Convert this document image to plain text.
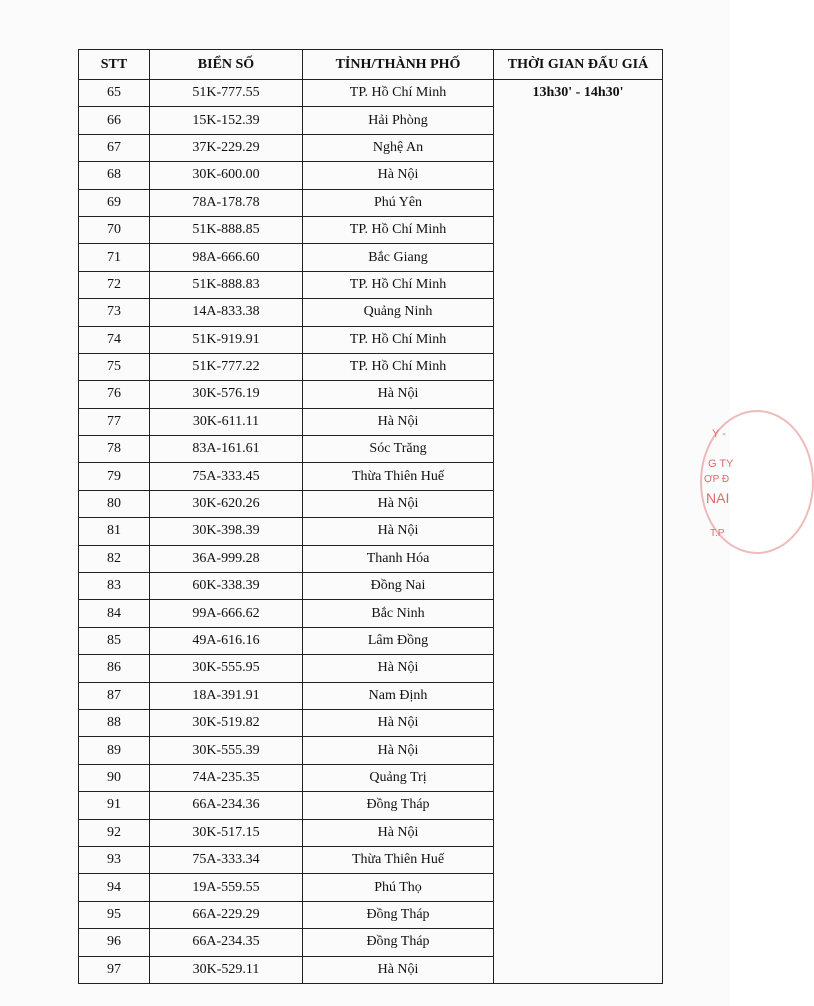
STT	BIỂN SỐ	TỈNH/THÀNH PHỐ	THỜI GIAN ĐẤU GIÁ
65	51K-777.55	TP. Hồ Chí Minh	13h30' - 14h30'
66	15K-152.39	Hải Phòng	
67	37K-229.29	Nghệ An	
68	30K-600.00	Hà Nội	
69	78A-178.78	Phú Yên	
70	51K-888.85	TP. Hồ Chí Minh	
71	98A-666.60	Bắc Giang	
72	51K-888.83	TP. Hồ Chí Minh	
73	14A-833.38	Quảng Ninh	
74	51K-919.91	TP. Hồ Chí Minh	
75	51K-777.22	TP. Hồ Chí Minh	
76	30K-576.19	Hà Nội	
77	30K-611.11	Hà Nội	
78	83A-161.61	Sóc Trăng	
79	75A-333.45	Thừa Thiên Huế	
80	30K-620.26	Hà Nội	
81	30K-398.39	Hà Nội	
82	36A-999.28	Thanh Hóa	
83	60K-338.39	Đồng Nai	
84	99A-666.62	Bắc Ninh	
85	49A-616.16	Lâm Đồng	
86	30K-555.95	Hà Nội	
87	18A-391.91	Nam Định	
88	30K-519.82	Hà Nội	
89	30K-555.39	Hà Nội	
90	74A-235.35	Quảng Trị	
91	66A-234.36	Đồng Tháp	
92	30K-517.15	Hà Nội	
93	75A-333.34	Thừa Thiên Huế	
94	19A-559.55	Phú Thọ	
95	66A-229.29	Đồng Tháp	
96	66A-234.35	Đồng Tháp	
97	30K-529.11	Hà Nội	
Y -
G TY
ỢP Đ
NAI
T.P
